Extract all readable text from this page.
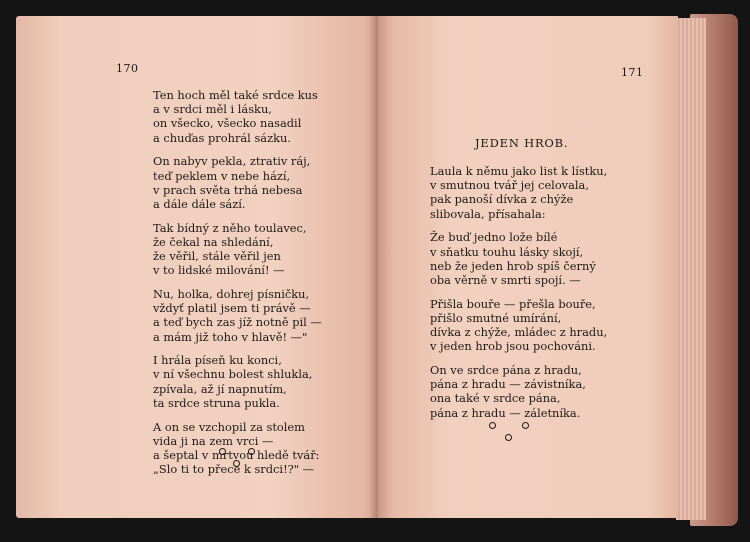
170
Ten hoch měl také srdce kus
a v srdci měl i lásku,
on všecko, všecko nasadil
a chuďas prohrál sázku.
On nabyv pekla, ztrativ ráj,
teď peklem v nebe hází,
v prach světa trhá nebesa
a dále dále sází.
Tak bídný z něho toulavec,
že čekal na shledání,
že věřil, stále věřil jen
v to lidské milování! —
Nu, holka, dohrej písničku,
vždyť platil jsem ti právě —
a teď bych zas jíž notně pil —
a mám již toho v hlavě! —"
I hrála píseň ku konci,
v ní všechnu bolest shlukla,
zpívala, až jí napnutím,
ta srdce struna pukla.
A on se vzchopil za stolem
vida ji na zem vrci —
a šeptal v mrtvou hledě tvář:
„Slo ti to přece k srdci!?" —
171
JEDEN HROB.
Laula k němu jako list k lístku,
v smutnou tvář jej celovala,
pak panoší dívka z chýže
slibovala, přísahala:
Že buď jedno lože bílé
v sňatku touhu lásky skojí,
neb že jeden hrob spíš černý
oba věrně v smrti spojí. —
Přišla bouře — přešla bouře,
přišlo smutné umírání,
dívka z chýže, mládec z hradu,
v jeden hrob jsou pochováni.
On ve srdce pána z hradu,
pána z hradu — závistníka,
ona také v srdce pána,
pána z hradu — záletníka.
